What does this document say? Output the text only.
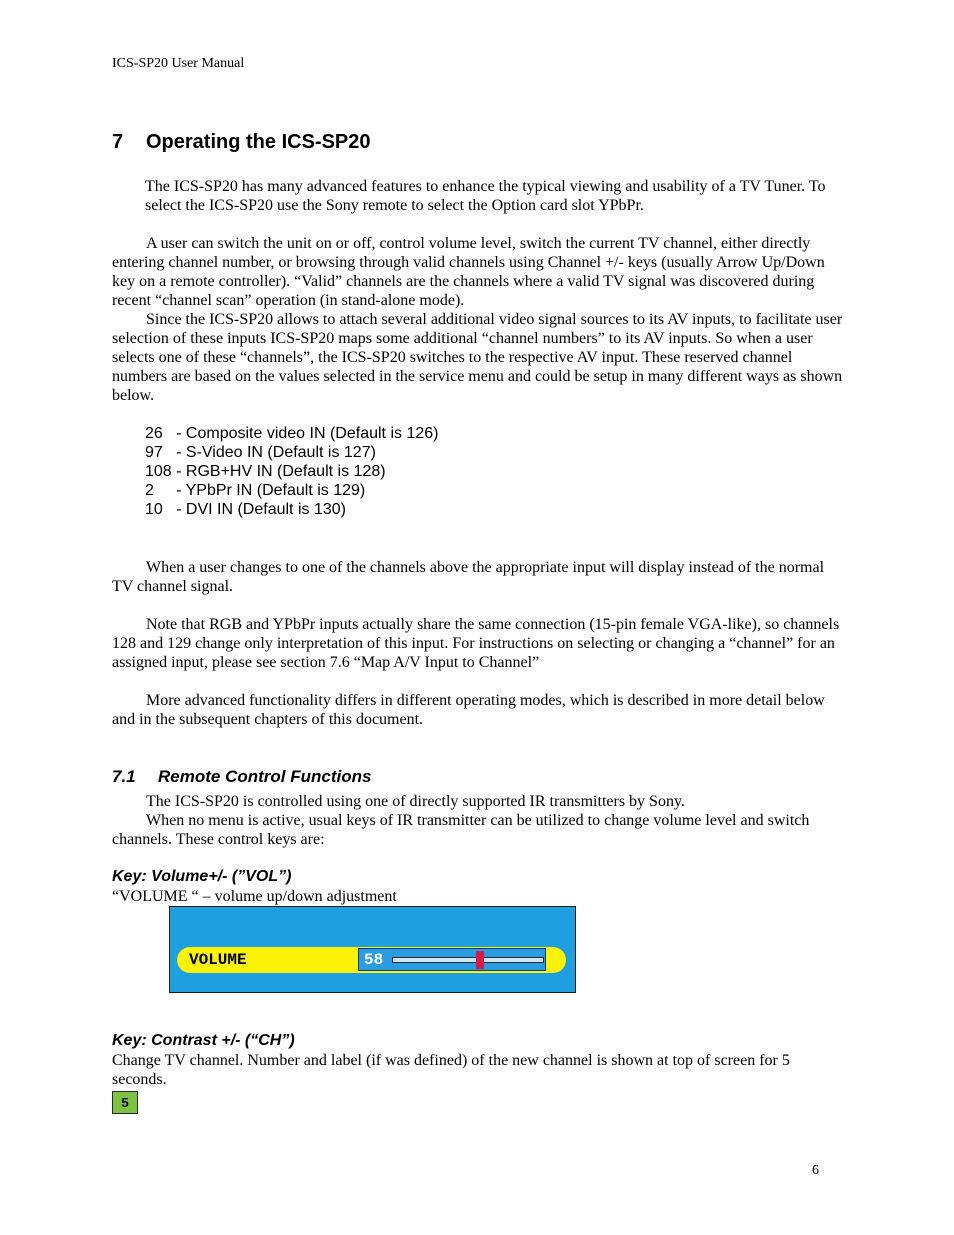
ICS-SP20 User Manual
7 Operating the ICS-SP20

The ICS-SP20 has many advanced features to enhance the typical viewing and usability of a TV Tuner. To select the ICS-SP20 use the Sony remote to select the Option card slot YPbPr.

A user can switch the unit on or off, control volume level, switch the current TV channel, either directly entering channel number, or browsing through valid channels using Channel +/- keys (usually Arrow Up/Down key on a remote controller). “Valid” channels are the channels where a valid TV signal was discovered during recent “channel scan” operation (in stand-alone mode).

Since the ICS-SP20 allows to attach several additional video signal sources to its AV inputs, to facilitate user selection of these inputs ICS-SP20 maps some additional “channel numbers” to its AV inputs. So when a user selects one of these “channels”, the ICS-SP20 switches to the respective AV input. These reserved channel numbers are based on the values selected in the service menu and could be setup in many different ways as shown below.

26   - Composite video IN (Default is 126)
97   - S-Video IN (Default is 127)
108 - RGB+HV IN (Default is 128)
2     - YPbPr IN (Default is 129)
10   - DVI IN (Default is 130)

When a user changes to one of the channels above the appropriate input will display instead of the normal TV channel signal.

Note that RGB and YPbPr inputs actually share the same connection (15-pin female VGA-like), so channels 128 and 129 change only interpretation of this input. For instructions on selecting or changing a “channel” for an assigned input, please see section 7.6 “Map A/V Input to Channel”

More advanced functionality differs in different operating modes, which is described in more detail below and in the subsequent chapters of this document.

7.1 Remote Control Functions

The ICS-SP20 is controlled using one of directly supported IR transmitters by Sony.

When no menu is active, usual keys of IR transmitter can be utilized to change volume level and switch channels. These control keys are:

Key: Volume+/- (”VOL”)
“VOLUME “ – volume up/down adjustment
VOLUME	58
Key: Contrast +/- (“CH”)

Change TV channel. Number and label (if was defined) of the new channel is shown at top of screen for 5 seconds.

5
6
